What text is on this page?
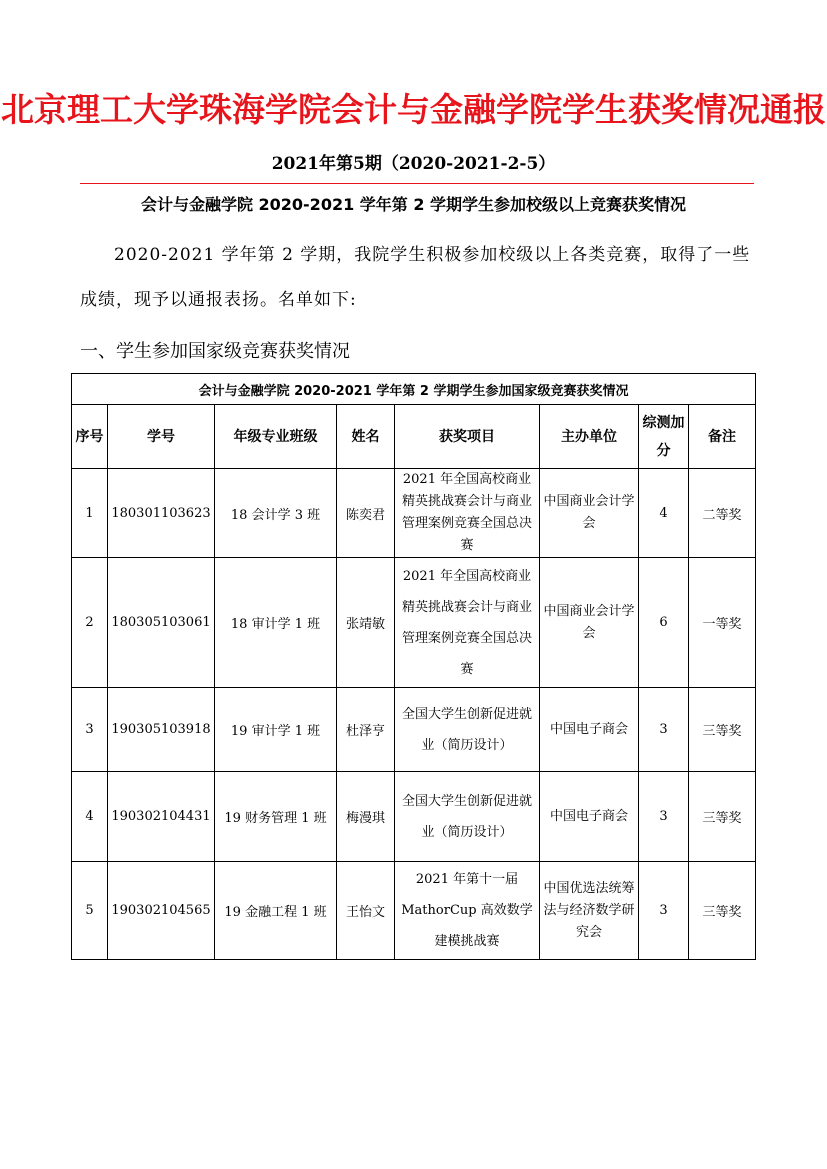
北京理工大学珠海学院会计与金融学院学生获奖情况通报
2021年第5期（2020-2021-2-5）
会计与金融学院 2020-2021 学年第 2 学期学生参加校级以上竞赛获奖情况
2020-2021 学年第 2 学期，我院学生积极参加校级以上各类竞赛，取得了一些成绩，现予以通报表扬。名单如下:
一、学生参加国家级竞赛获奖情况
会计与金融学院 2020-2021 学年第 2 学期学生参加国家级竞赛获奖情况							
序号	学号	年级专业班级	姓名	获奖项目	主办单位	综测加分	备注
1	180301103623	18 会计学 3 班	陈奕君	2021 年全国高校商业精英挑战赛会计与商业管理案例竞赛全国总决赛	中国商业会计学会	4	二等奖
2	180305103061	18 审计学 1 班	张靖敏	2021 年全国高校商业精英挑战赛会计与商业管理案例竞赛全国总决赛	中国商业会计学会	6	一等奖
3	190305103918	19 审计学 1 班	杜泽亨	全国大学生创新促进就业（简历设计）	中国电子商会	3	三等奖
4	190302104431	19 财务管理 1 班	梅漫琪	全国大学生创新促进就业（简历设计）	中国电子商会	3	三等奖
5	190302104565	19 金融工程 1 班	王怡文	2021 年第十一届 MathorCup 高效数学建模挑战赛	中国优选法统筹法与经济数学研究会	3	三等奖
